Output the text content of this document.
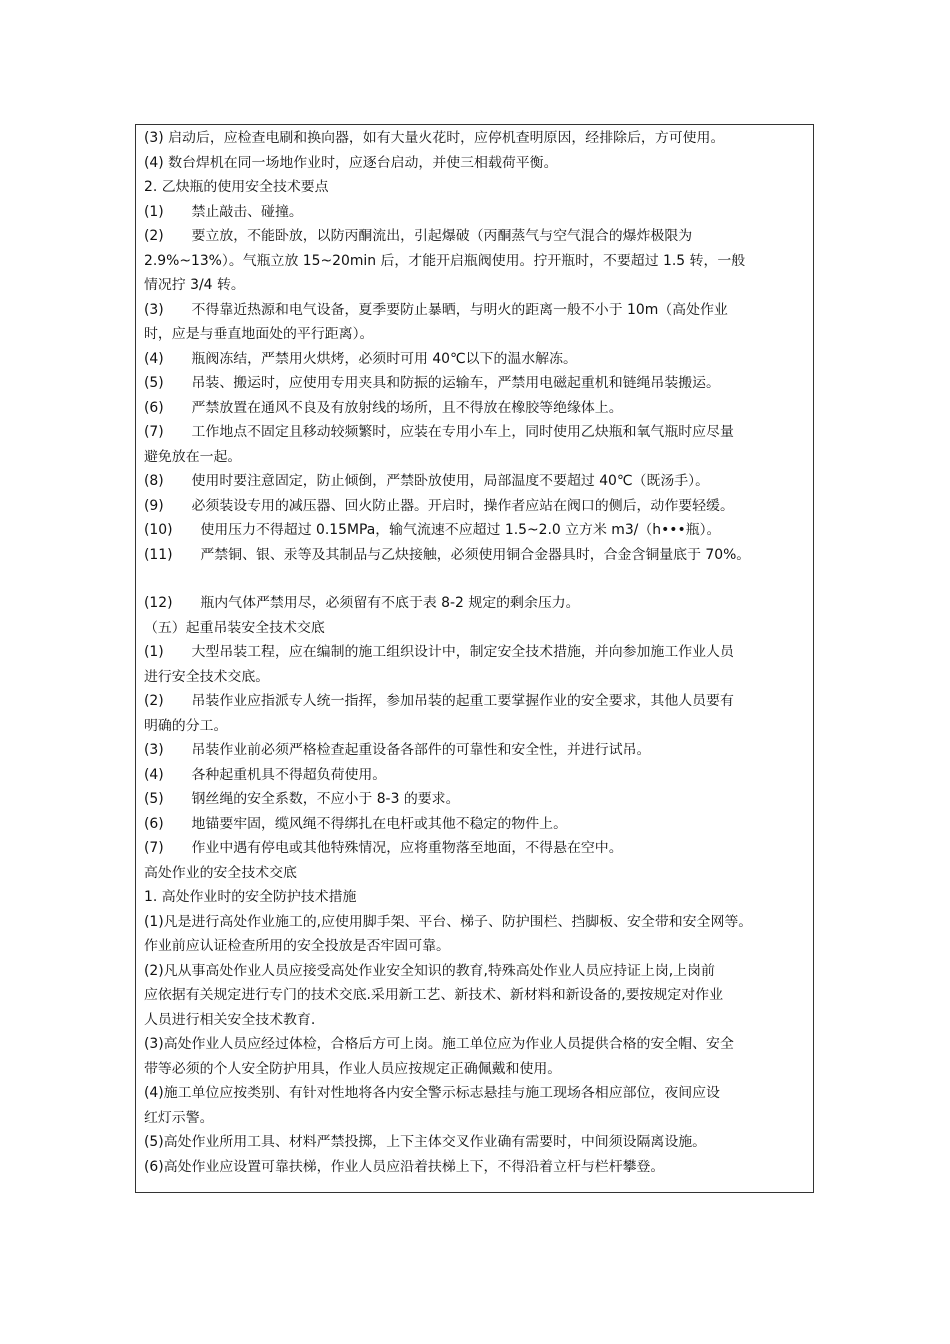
(3) 启动后，应检查电刷和换向器，如有大量火花时，应停机查明原因，经排除后，方可使用。
(4) 数台焊机在同一场地作业时，应逐台启动，并使三相载荷平衡。
2. 乙炔瓶的使用安全技术要点
(1)　　禁止敲击、碰撞。
(2)　　要立放，不能卧放，以防丙酮流出，引起爆破（丙酮蒸气与空气混合的爆炸极限为
2.9%~13%）。气瓶立放 15~20min 后，才能开启瓶阀使用。拧开瓶时，不要超过 1.5 转，一般
情况拧 3/4 转。
(3)　　不得靠近热源和电气设备，夏季要防止暴晒，与明火的距离一般不小于 10m（高处作业
时，应是与垂直地面处的平行距离）。
(4)　　瓶阀冻结，严禁用火烘烤，必须时可用 40℃以下的温水解冻。
(5)　　吊装、搬运时，应使用专用夹具和防振的运输车，严禁用电磁起重机和链绳吊装搬运。
(6)　　严禁放置在通风不良及有放射线的场所，且不得放在橡胶等绝缘体上。
(7)　　工作地点不固定且移动较频繁时，应装在专用小车上，同时使用乙炔瓶和氧气瓶时应尽量
避免放在一起。
(8)　　使用时要注意固定，防止倾倒，严禁卧放使用，局部温度不要超过 40℃（既汤手）。
(9)　　必须装设专用的减压器、回火防止器。开启时，操作者应站在阀口的侧后，动作要轻缓。
(10)　　使用压力不得超过 0.15MPa，输气流速不应超过 1.5~2.0 立方米 m3/（h•••瓶）。
(11)　　严禁铜、银、汞等及其制品与乙炔接触，必须使用铜合金器具时，合金含铜量底于 70%。
(12)　　瓶内气体严禁用尽，必须留有不底于表 8-2 规定的剩余压力。
（五）起重吊装安全技术交底
(1)　　大型吊装工程，应在编制的施工组织设计中，制定安全技术措施，并向参加施工作业人员
进行安全技术交底。
(2)　　吊装作业应指派专人统一指挥，参加吊装的起重工要掌握作业的安全要求，其他人员要有
明确的分工。
(3)　　吊装作业前必须严格检查起重设备各部件的可靠性和安全性，并进行试吊。
(4)　　各种起重机具不得超负荷使用。
(5)　　钢丝绳的安全系数，不应小于 8-3 的要求。
(6)　　地锚要牢固，缆风绳不得绑扎在电杆或其他不稳定的物件上。
(7)　　作业中遇有停电或其他特殊情况，应将重物落至地面，不得悬在空中。
高处作业的安全技术交底
1. 高处作业时的安全防护技术措施
(1)凡是进行高处作业施工的,应使用脚手架、平台、梯子、防护围栏、挡脚板、安全带和安全网等。
作业前应认证检查所用的安全投放是否牢固可靠。
(2)凡从事高处作业人员应接受高处作业安全知识的教育,特殊高处作业人员应持证上岗,上岗前
应依据有关规定进行专门的技术交底.采用新工艺、新技术、新材料和新设备的,要按规定对作业
人员进行相关安全技术教育.
(3)高处作业人员应经过体检，合格后方可上岗。施工单位应为作业人员提供合格的安全帽、安全
带等必须的个人安全防护用具，作业人员应按规定正确佩戴和使用。
(4)施工单位应按类别、有针对性地将各内安全警示标志悬挂与施工现场各相应部位，夜间应设
红灯示警。
(5)高处作业所用工具、材料严禁投掷，上下主体交叉作业确有需要时，中间须设隔离设施。
(6)高处作业应设置可靠扶梯，作业人员应沿着扶梯上下，不得沿着立杆与栏杆攀登。
